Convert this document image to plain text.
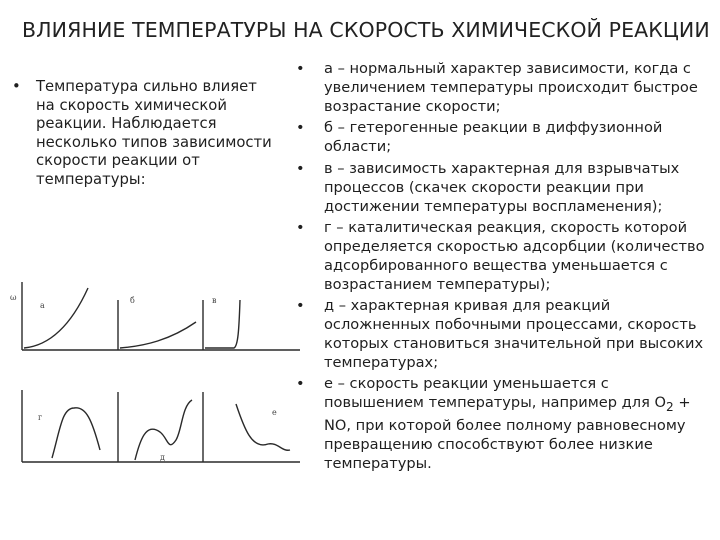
ВЛИЯНИЕ ТЕМПЕРАТУРЫ НА СКОРОСТЬ ХИМИЧЕСКОЙ РЕАКЦИИ
•	Температура сильно влияет на скорость химической реакции. Наблюдается несколько типов зависимости скорости реакции от температуры:
•	а – нормальный характер зависимости, когда с увеличением температуры происходит быстрое возрастание скорости;
•	б – гетерогенные реакции в диффузионной области;
•	в – зависимость характерная для взрывчатых процессов (скачек скорости реакции при достижении температуры воспламенения);
•	г – каталитическая реакция, скорость которой определяется скоростью адсорбции (количество адсорбированного вещества уменьшается с возрастанием температуры);
•	д – характерная кривая для реакций осложненных побочными процессами, скорость которых становиться значительной при высоких температурах;
•	е – скорость реакции уменьшается с повышением температуры, например для $O_2$ + NO, при которой более полному равновесному превращению способствуют более низкие температуры.
ω
а
б	в
г
д
е
